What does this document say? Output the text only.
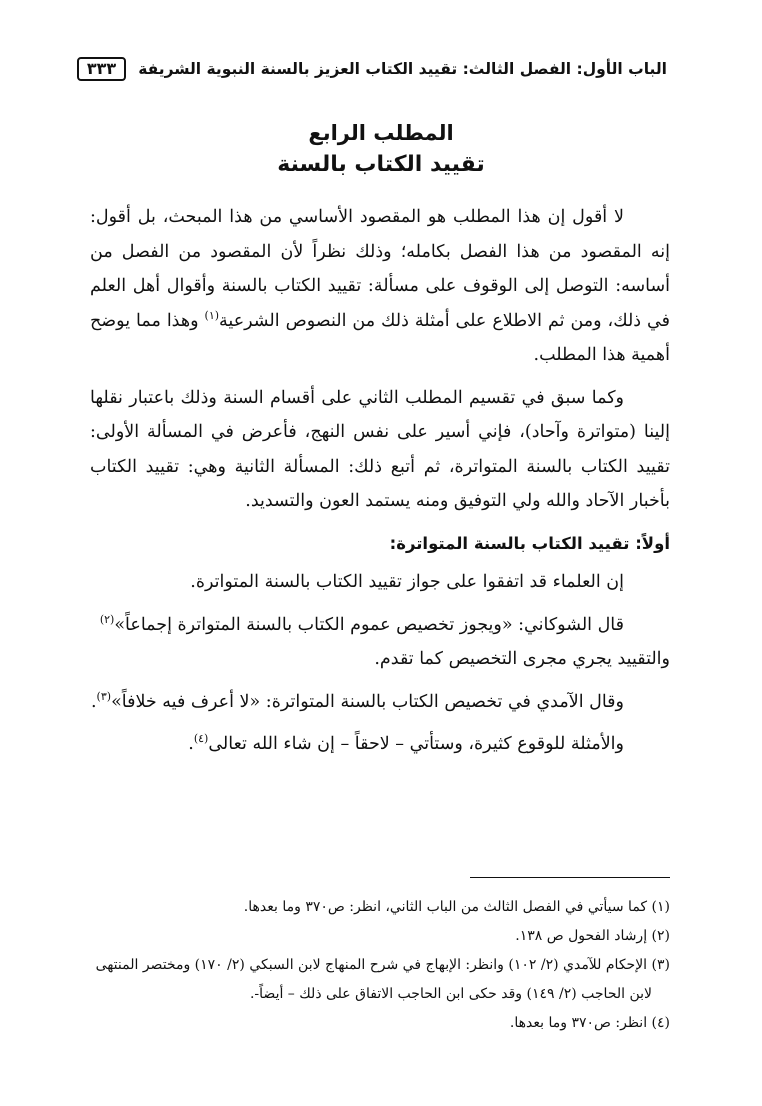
الباب الأول: الفصل الثالث: تقييد الكتاب العزيز بالسنة النبوية الشريفة
٣٣٣
المطلب الرابع
تقييد الكتاب بالسنة

لا أقول إن هذا المطلب هو المقصود الأساسي من هذا المبحث، بل أقول: إنه المقصود من هذا الفصل بكامله؛ وذلك نظراً لأن المقصود من الفصل من أساسه: التوصل إلى الوقوف على مسألة: تقييد الكتاب بالسنة وأقوال أهل العلم في ذلك، ومن ثم الاطلاع على أمثلة ذلك من النصوص الشرعية$^{(١)}$ وهذا مما يوضح أهمية هذا المطلب.

وكما سبق في تقسيم المطلب الثاني على أقسام السنة وذلك باعتبار نقلها إلينا (متواترة وآحاد)، فإني أسير على نفس النهج، فأعرض في المسألة الأولى: تقييد الكتاب بالسنة المتواترة، ثم أتبع ذلك: المسألة الثانية وهي: تقييد الكتاب بأخبار الآحاد والله ولي التوفيق ومنه يستمد العون والتسديد.

أولاً: تقييد الكتاب بالسنة المتواترة:

إن العلماء قد اتفقوا على جواز تقييد الكتاب بالسنة المتواترة.

قال الشوكاني: «ويجوز تخصيص عموم الكتاب بالسنة المتواترة إجماعاً»$^{(٢)}$
والتقييد يجري مجرى التخصيص كما تقدم.

وقال الآمدي في تخصيص الكتاب بالسنة المتواترة: «لا أعرف فيه خلافاً»$^{(٣)}$.

والأمثلة للوقوع كثيرة، وستأتي – لاحقاً – إن شاء الله تعالى$^{(٤)}$.

(١) كما سيأتي في الفصل الثالث من الباب الثاني، انظر: ص٣٧٠ وما بعدها.

(٢) إرشاد الفحول ص ١٣٨.

(٣) الإحكام للآمدي (٢/ ١٠٢) وانظر: الإبهاج في شرح المنهاج لابن السبكي (٢/ ١٧٠) ومختصر المنتهى

لابن الحاجب (٢/ ١٤٩) وقد حكى ابن الحاجب الاتفاق على ذلك – أيضاً-.

(٤) انظر: ص٣٧٠ وما بعدها.
